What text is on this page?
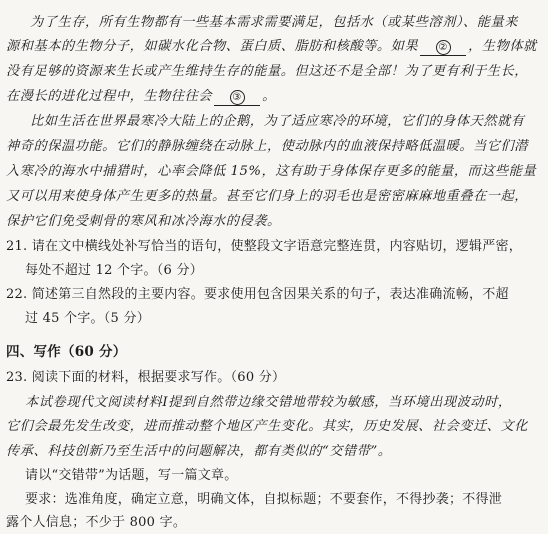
为了生存，所有生物都有一些基本需求需要满足，包括水（或某些溶剂）、能量来
源和基本的生物分子，如碳水化合物、蛋白质、脂肪和核酸等。如果 ② ，生物体就
没有足够的资源来生长或产生维持生存的能量。但这还不是全部！为了更有利于生长，
在漫长的进化过程中，生物往往会 ③ 。
比如生活在世界最寒冷大陆上的企鹅，为了适应寒冷的环境，它们的身体天然就有
神奇的保温功能。它们的静脉缠绕在动脉上，使动脉内的血液保持略低温暖。当它们潜
入寒冷的海水中捕猎时，心率会降低 15%，这有助于身体保存更多的能量，而这些能量
又可以用来使身体产生更多的热量。甚至它们身上的羽毛也是密密麻麻地重叠在一起，
保护它们免受刺骨的寒风和冰冷海水的侵袭。
21. 请在文中横线处补写恰当的语句，使整段文字语意完整连贯，内容贴切，逻辑严密，
每处不超过 12 个字。（6 分）
22. 简述第三自然段的主要内容。要求使用包含因果关系的句子，表达准确流畅，不超
过 45 个字。（5 分）
四、写作（60 分）
23. 阅读下面的材料，根据要求写作。（60 分）
本试卷现代文阅读材料Ⅰ提到自然带边缘交错地带较为敏感，当环境出现波动时，
它们会最先发生改变，进而推动整个地区产生变化。其实，历史发展、社会变迁、文化
传承、科技创新乃至生活中的问题解决，都有类似的“交错带”。
请以“交错带”为话题，写一篇文章。
要求：选准角度，确定立意，明确文体，自拟标题；不要套作，不得抄袭；不得泄
露个人信息；不少于 800 字。
